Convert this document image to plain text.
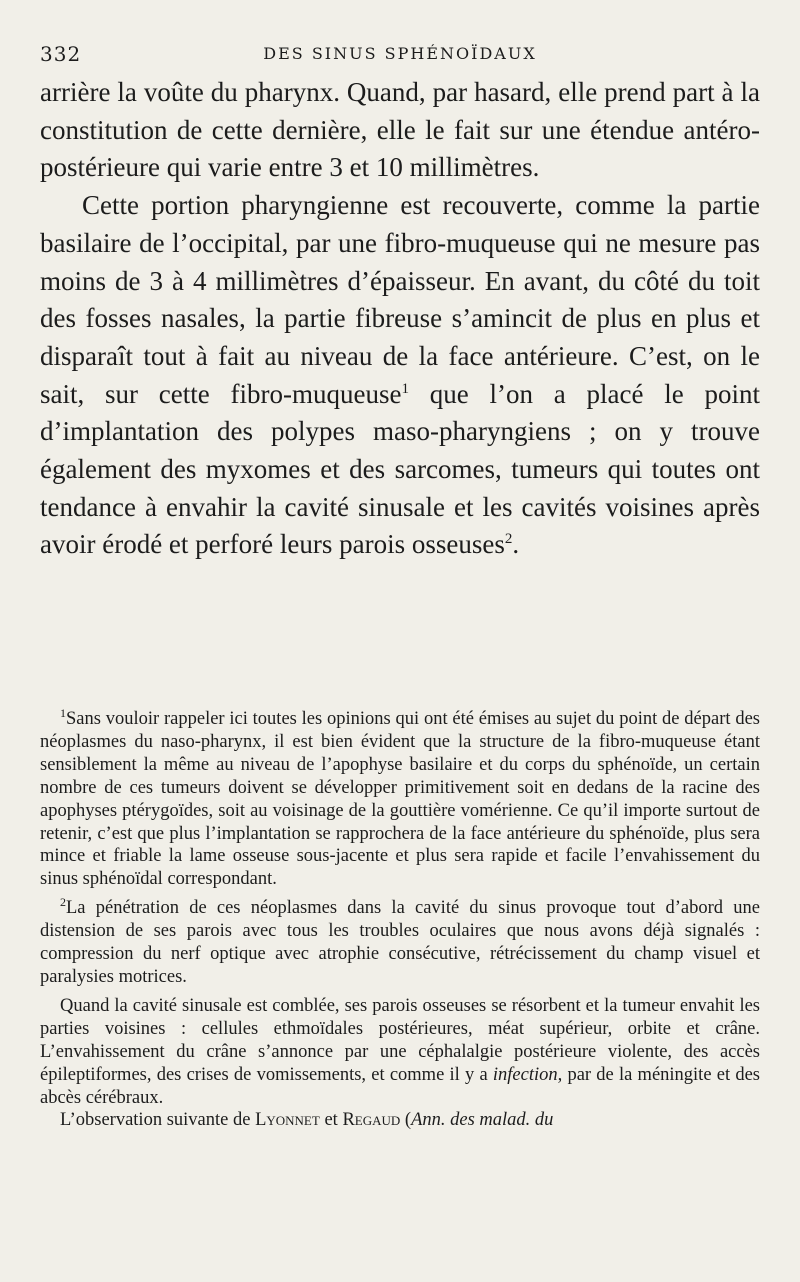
332	DES SINUS SPHÉNOÏDAUX

arrière la voûte du pharynx. Quand, par hasard, elle prend part à la constitution de cette dernière, elle le fait sur une étendue antéro-postérieure qui varie entre 3 et 10 millimètres.

Cette portion pharyngienne est recouverte, comme la partie basilaire de l’occipital, par une fibro-muqueuse qui ne mesure pas moins de 3 à 4 millimètres d’épaisseur. En avant, du côté du toit des fosses nasales, la partie fibreuse s’amincit de plus en plus et disparaît tout à fait au niveau de la face antérieure. C’est, on le sait, sur cette fibro-muqueuse$^1$ que l’on a placé le point d’implantation des polypes maso-pharyngiens ; on y trouve également des myxomes et des sarcomes, tumeurs qui toutes ont tendance à envahir la cavité sinusale et les cavités voisines après avoir érodé et perforé leurs parois osseuses$^2$.

$^1$Sans vouloir rappeler ici toutes les opinions qui ont été émises au sujet du point de départ des néoplasmes du naso-pharynx, il est bien évident que la structure de la fibro-muqueuse étant sensiblement la même au niveau de l’apophyse basilaire et du corps du sphénoïde, un certain nombre de ces tumeurs doivent se développer primitivement soit en dedans de la racine des apophyses ptérygoïdes, soit au voisinage de la gouttière vomérienne. Ce qu’il importe surtout de retenir, c’est que plus l’implantation se rapprochera de la face antérieure du sphénoïde, plus sera mince et friable la lame osseuse sous-jacente et plus sera rapide et facile l’envahissement du sinus sphénoïdal correspondant.

$^2$La pénétration de ces néoplasmes dans la cavité du sinus provoque tout d’abord une distension de ses parois avec tous les troubles oculaires que nous avons déjà signalés : compression du nerf optique avec atrophie consécutive, rétrécissement du champ visuel et paralysies motrices.

Quand la cavité sinusale est comblée, ses parois osseuses se résorbent et la tumeur envahit les parties voisines : cellules ethmoïdales postérieures, méat supérieur, orbite et crâne. L’envahissement du crâne s’annonce par une céphalalgie postérieure violente, des accès épileptiformes, des crises de vomissements, et comme il y a infection, par de la méningite et des abcès cérébraux.

L’observation suivante de Lyonnet et Regaud (Ann. des malad. du
